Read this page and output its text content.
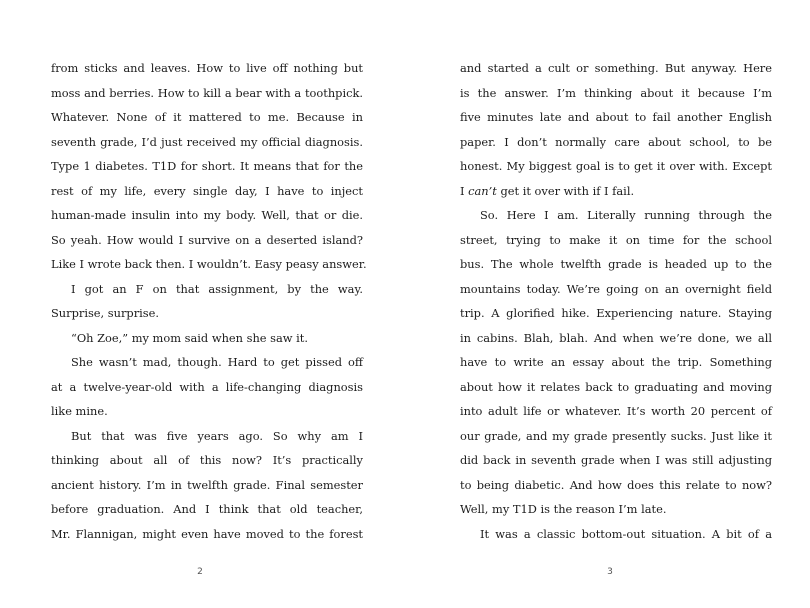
from sticks and leaves. How to live off nothing but
moss and berries. How to kill a bear with a toothpick.
Whatever. None of it mattered to me. Because in
seventh grade, I’d just received my official diagnosis.
Type 1 diabetes. T1D for short. It means that for the
rest of my life, every single day, I have to inject
human-made insulin into my body. Well, that or die.
So yeah. How would I survive on a deserted island?
Like I wrote back then. I wouldn’t. Easy peasy answer.
I got an F on that assignment, by the way.
Surprise, surprise.
“Oh Zoe,” my mom said when she saw it.
She wasn’t mad, though. Hard to get pissed off
at a twelve-year-old with a life-changing diagnosis
like mine.
But that was five years ago. So why am I
thinking about all of this now? It’s practically
ancient history. I’m in twelfth grade. Final semester
before graduation. And I think that old teacher,
Mr. Flannigan, might even have moved to the forest
2
and started a cult or something. But anyway. Here
is the answer. I’m thinking about it because I’m
five minutes late and about to fail another English
paper. I don’t normally care about school, to be
honest. My biggest goal is to get it over with. Except
I can’t get it over with if I fail.
So. Here I am. Literally running through the
street, trying to make it on time for the school
bus. The whole twelfth grade is headed up to the
mountains today. We’re going on an overnight field
trip. A glorified hike. Experiencing nature. Staying
in cabins. Blah, blah. And when we’re done, we all
have to write an essay about the trip. Something
about how it relates back to graduating and moving
into adult life or whatever. It’s worth 20 percent of
our grade, and my grade presently sucks. Just like it
did back in seventh grade when I was still adjusting
to being diabetic. And how does this relate to now?
Well, my T1D is the reason I’m late.
It was a classic bottom-out situation. A bit of a
3
